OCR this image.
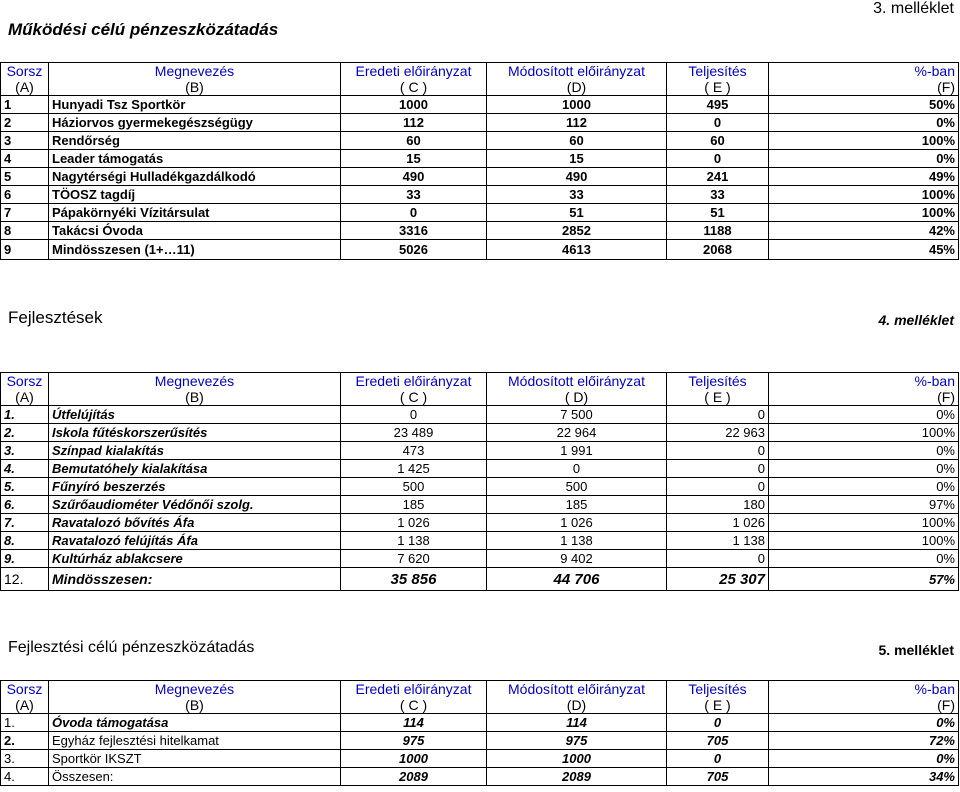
Működési célú pénzeszközátadás
3. melléklet
Sorsz	Megnevezés	Eredeti előirányzat	Módosított előirányzat	Teljesítés	%-ban
(A)	(B)	( C )	(D)	( E )	(F)
1	Hunyadi Tsz Sportkör	1000	1000	495	50%
2	Háziorvos gyermekegészségügy	112	112	0	0%
3	Rendőrség	60	60	60	100%
4	Leader támogatás	15	15	0	0%
5	Nagytérségi Hulladékgazdálkodó	490	490	241	49%
6	TÖOSZ tagdíj	33	33	33	100%
7	Pápakörnyéki Vízitársulat	0	51	51	100%
8	Takácsi Óvoda	3316	2852	1188	42%
9	Mindösszesen (1+…11)	5026	4613	2068	45%
Fejlesztések	4. melléklet
Sorsz	Megnevezés	Eredeti előirányzat	Módosított előirányzat	Teljesítés	%-ban
(A)	(B)	( C )	( D)	( E )	(F)
1.	Útfelújítás	0	7 500	0	0%
2.	Iskola fűtéskorszerűsítés	23 489	22 964	22 963	100%
3.	Színpad kialakítás	473	1 991	0	0%
4.	Bemutatóhely kialakítása	1 425	0	0	0%
5.	Fűnyíró beszerzés	500	500	0	0%
6.	Szűrőaudiométer Védőnői szolg.	185	185	180	97%
7.	Ravatalozó bővítés Áfa	1 026	1 026	1 026	100%
8.	Ravatalozó felújítás Áfa	1 138	1 138	1 138	100%
9.	Kultúrház ablakcsere	7 620	9 402	0	0%
12.	Mindösszesen:	35 856	44 706	25 307	57%
Fejlesztési célú pénzeszközátadás	5. melléklet
Sorsz	Megnevezés	Eredeti előirányzat	Módosított előirányzat	Teljesítés	%-ban
(A)	(B)	( C )	(D)	( E )	(F)
1.	Óvoda támogatása	114	114	0	0%
2.	Egyház fejlesztési hitelkamat	975	975	705	72%
3.	Sportkör IKSZT	1000	1000	0	0%
4.	Összesen:	2089	2089	705	34%
